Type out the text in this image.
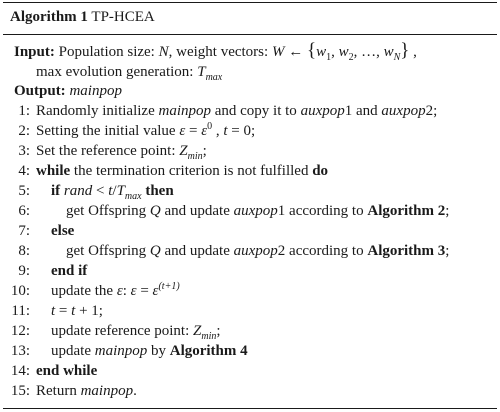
Algorithm 1 TP-HCEA
Input: Population size: N, weight vectors: W ← {$w_1$, $w_2$, …, $w_N$} ,
max evolution generation: $T_{max}$
Output: mainpop
1: Randomly initialize mainpop and copy it to auxpop1 and auxpop2;
2: Setting the initial value $\varepsilon = \varepsilon^0$ , t = 0;
3: Set the reference point: $Z_{min}$;
4: while the termination criterion is not fulfilled do
5: if rand < $t/T_{max}$ then
6: get Offspring Q and update auxpop1 according to Algorithm 2;
7: else
8: get Offspring Q and update auxpop2 according to Algorithm 3;
9: end if
10: update the ε: $\varepsilon = \varepsilon^{(t+1)}$
11: t = t + 1;
12: update reference point: $Z_{min}$;
13: update mainpop by Algorithm 4
14: end while
15: Return mainpop.
